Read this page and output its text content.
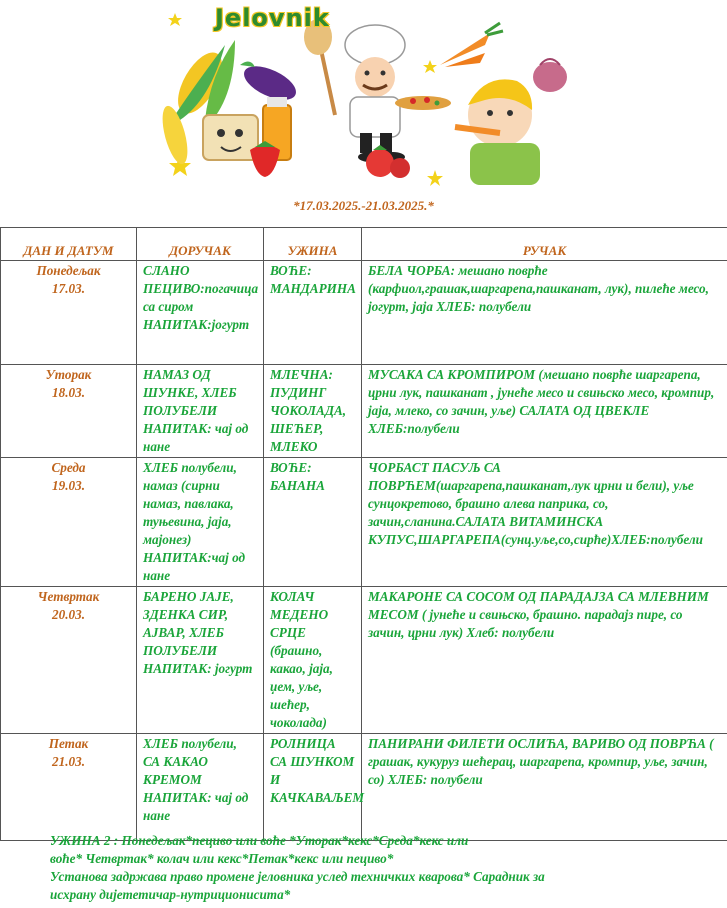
Jelovnik
*17.03.2025.-21.03.2025.*
ДАН И ДАТУМ	ДОРУЧАК	УЖИНА	РУЧАК

Понедељак
17.03.	СЛАНО ПЕЦИВО:погачица са сиром НАПИТАК:јогурт	ВОЋЕ: МАНДАРИНА	БЕЛА ЧОРБА: мешано поврће (карфиол,грашак,шаргарепа,пашканат, лук), пилеће месо, јогурт, јаја ХЛЕБ: полубели

Уторак
18.03.	НАМАЗ ОД ШУНКЕ, ХЛЕБ ПОЛУБЕЛИ НАПИТАК: чај од нане	МЛЕЧНА: ПУДИНГ ЧОКОЛАДА, ШЕЋЕР, МЛЕКО	МУСАКА СА КРОМПИРОМ (мешано поврће шаргарепа, црни лук, пашканат , јунеће месо и свињско месо, кромпир, јаја, млеко, со зачин, уље) САЛАТА ОД ЦВЕКЛЕ ХЛЕБ:полубели

Среда
19.03.	ХЛЕБ полубели, намаз (сирни намаз, павлака, туњевина, јаја, мајонез) НАПИТАК:чај од нане	ВОЋЕ: БАНАНА	ЧОРБАСТ ПАСУЉ СА ПОВРЋЕМ(шаргарепа,пашканат,лук црни и бели), уље сунцокретово, брашно алева паприка, со, зачин,сланина.САЛАТА ВИТАМИНСКА КУПУС,ШАРГАРЕПА(сунц.уље,со,сирће)ХЛЕБ:полубели

Четвртак
20.03.	БАРЕНО ЈАЈЕ, ЗДЕНКА СИР, АЈВАР, ХЛЕБ ПОЛУБЕЛИ НАПИТАК: јогурт	КОЛАЧ МЕДЕНО СРЦЕ (брашно, какао, јаја, џем, уље, шећер, чоколада)	МАКАРОНЕ СА СОСОМ ОД ПАРАДАЈЗА СА МЛЕВНИМ МЕСОМ ( јунеће и свињско, брашно. парадајз пире, со зачин, црни лук) Хлеб: полубели

Петак
21.03.	ХЛЕБ полубели, СА КАКАО КРЕМОМ НАПИТАК: чај од нане	РОЛНИЦА СА ШУНКОМ И КАЧКАВАЉЕМ	ПАНИРАНИ ФИЛЕТИ ОСЛИЋА, ВАРИВО ОД ПОВРЋА ( грашак, кукуруз шећерац, шаргарепа, кромпир, уље, зачин, со) ХЛЕБ: полубели

УЖИНА 2 : Понедељак*пециво или воће *Уторак*кекс*Среда*кекс или

воће* Четвртак* колач или кекс*Петак*кекс или пециво*

Установа задржава право промене јеловника услед техничких кварова* Сарадник за

исхрану дијететичар-нутриционисита*
